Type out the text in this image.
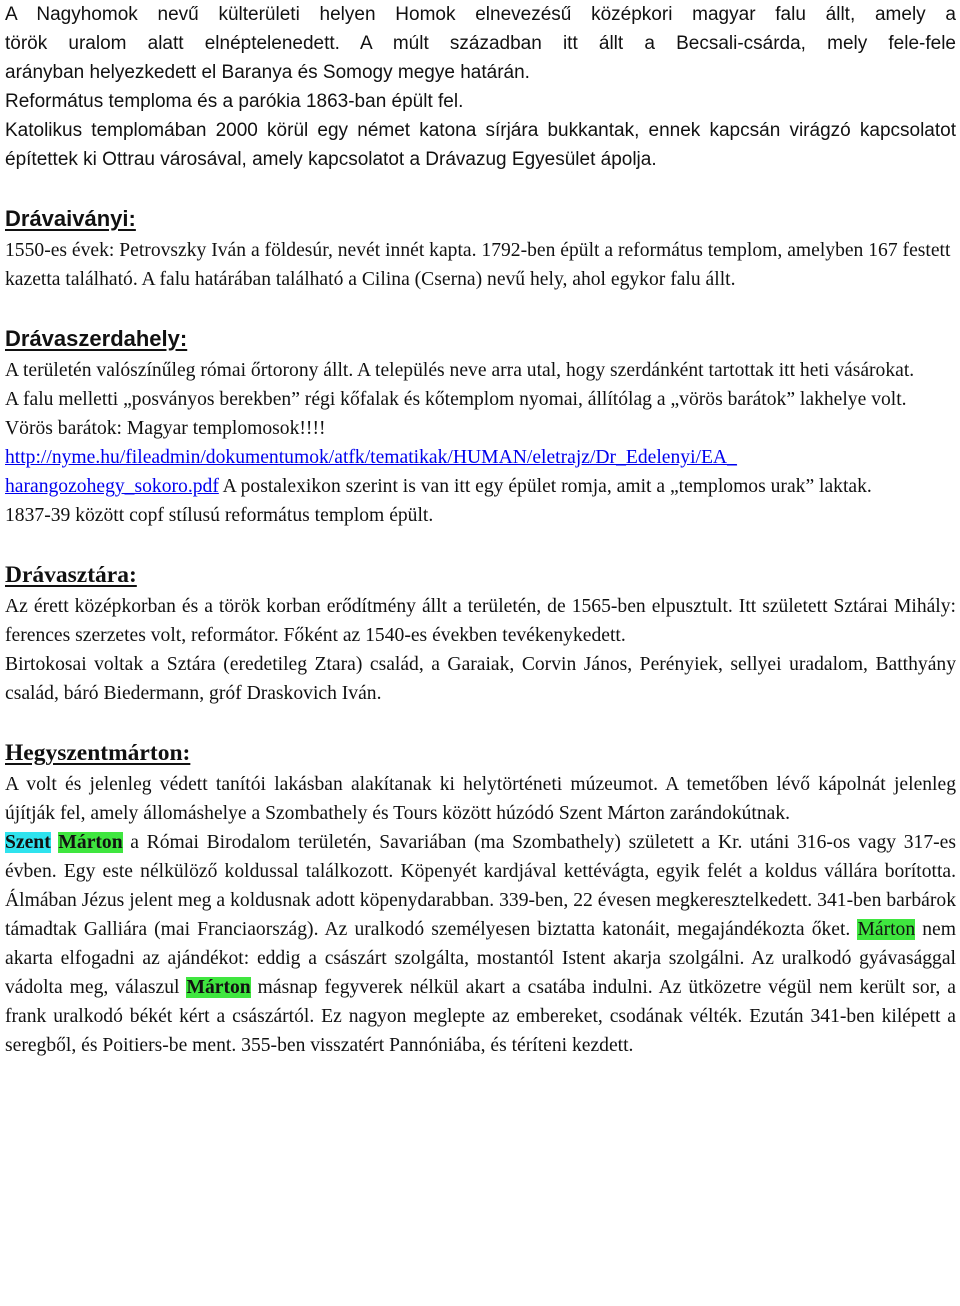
A Nagyhomok nevű külterületi helyen Homok elnevezésű középkori magyar falu állt, amely a

török uralom alatt elnéptelenedett. A múlt században itt állt a Becsali-csárda, mely fele-fele

arányban helyezkedett el Baranya és Somogy megye határán.

Református temploma és a parókia 1863-ban épült fel.

Katolikus templomában 2000 körül egy német katona sírjára bukkantak, ennek kapcsán virágzó kapcsolatot építettek ki Ottrau városával, amely kapcsolatot a Drávazug Egyesület ápolja.

Drávaiványi:

1550-es évek: Petrovszky Iván a földesúr, nevét innét kapta. 1792-ben épült a református templom, amelyben 167 festett kazetta található. A falu határában található a Cilina (Cserna) nevű hely, ahol egykor falu állt.

Drávaszerdahely:

A területén valószínűleg római őrtorony állt. A település neve arra utal, hogy szerdánként tartottak itt heti vásárokat.

A falu melletti „posványos berekben” régi kőfalak és kőtemplom nyomai, állítólag a „vörös barátok” lakhelye volt. Vörös barátok: Magyar templomosok!!!!

http://nyme.hu/fileadmin/dokumentumok/atfk/tematikak/HUMAN/eletrajz/Dr_Edelenyi/EA_
harangozohegy_sokoro.pdf A postalexikon szerint is van itt egy épület romja, amit a „templomos urak” laktak.

1837-39 között copf stílusú református templom épült.

Drávasztára:

Az érett középkorban és a török korban erődítmény állt a területén, de 1565-ben elpusztult. Itt született Sztárai Mihály: ferences szerzetes volt, reformátor. Főként az 1540-es években tevékenykedett.

Birtokosai voltak a Sztára (eredetileg Ztara) család, a Garaiak, Corvin János, Perényiek, sellyei uradalom, Batthyány család, báró Biedermann, gróf Draskovich Iván.

Hegyszentmárton:

A volt és jelenleg védett tanítói lakásban alakítanak ki helytörténeti múzeumot. A temetőben lévő kápolnát jelenleg újítják fel, amely állomáshelye a Szombathely és Tours között húzódó Szent Márton zarándokútnak.

Szent Márton a Római Birodalom területén, Savariában (ma Szombathely) született a Kr. utáni 316-os vagy 317-es évben. Egy este nélkülöző koldussal találkozott. Köpenyét kardjával kettévágta, egyik felét a koldus vállára borította. Álmában Jézus jelent meg a koldusnak adott köpenydarabban. 339-ben, 22 évesen megkeresztelkedett. 341-ben barbárok támadtak Galliára (mai Franciaország). Az uralkodó személyesen biztatta katonáit, megajándékozta őket. Márton nem akarta elfogadni az ajándékot: eddig a császárt szolgálta, mostantól Istent akarja szolgálni. Az uralkodó gyávasággal vádolta meg, válaszul Márton másnap fegyverek nélkül akart a csatába indulni. Az ütközetre végül nem került sor, a frank uralkodó békét kért a császártól. Ez nagyon meglepte az embereket, csodának vélték. Ezután 341-ben kilépett a seregből, és Poitiers-be ment. 355-ben visszatért Pannóniába, és téríteni kezdett.
